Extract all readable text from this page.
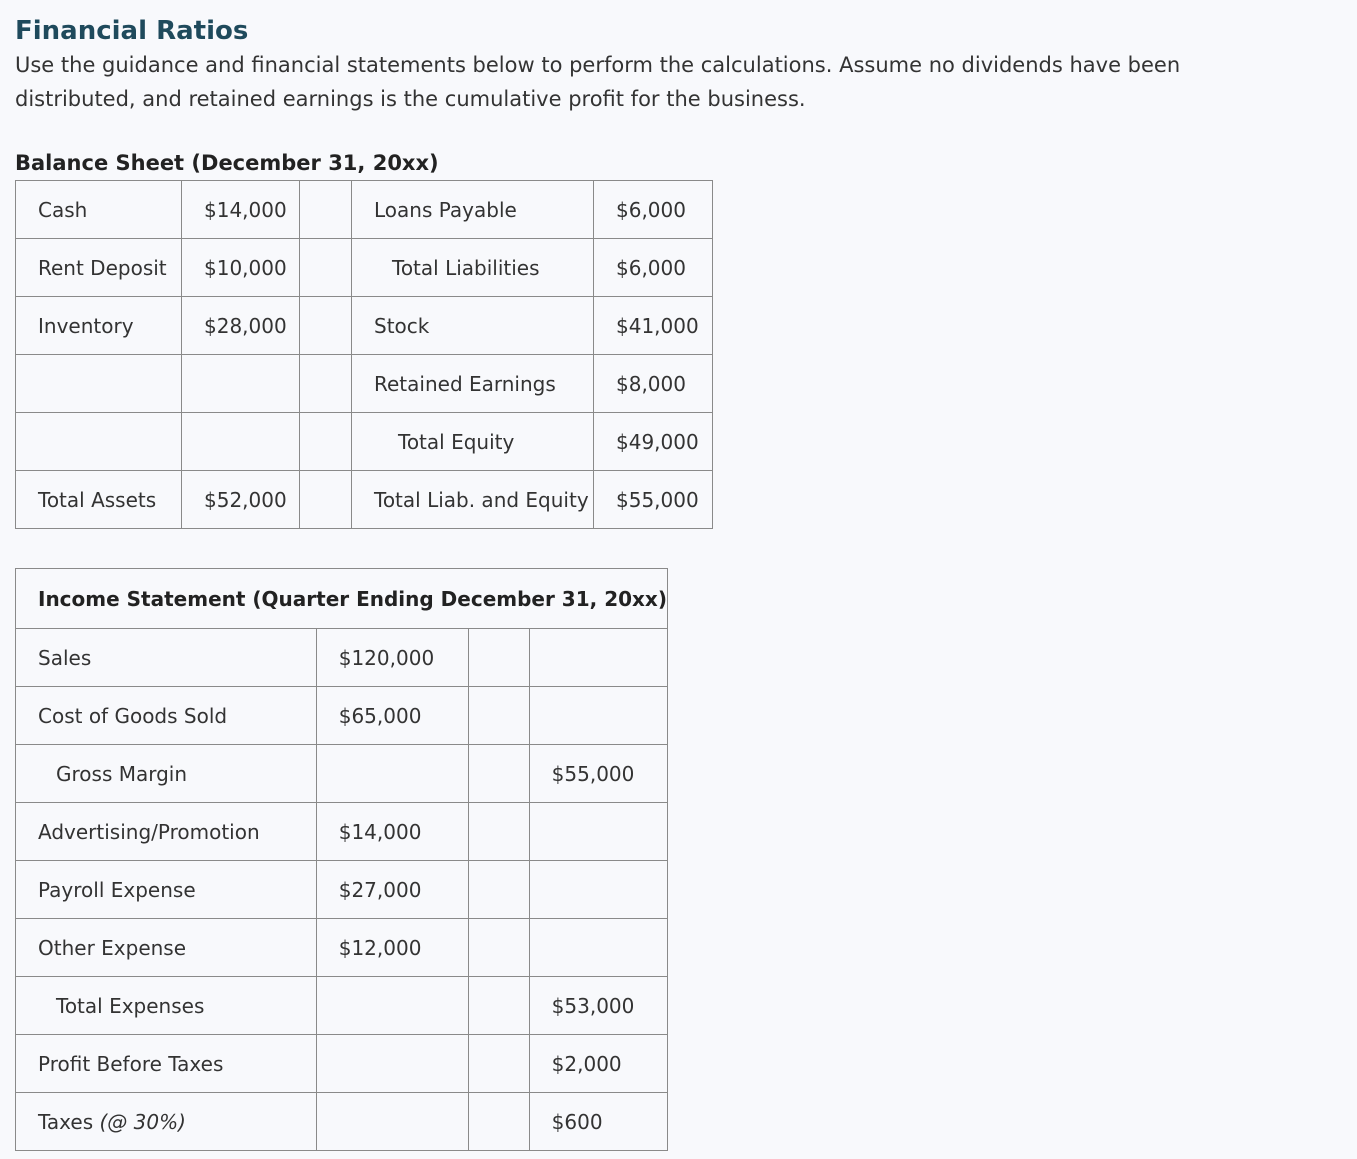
Financial Ratios

Use the guidance and financial statements below to perform the calculations. Assume no dividends have been distributed, and retained earnings is the cumulative profit for the business.

Balance Sheet (December 31, 20xx)
Cash	$14,000		Loans Payable	$6,000
Rent Deposit	$10,000		Total Liabilities	$6,000
Inventory	$28,000		Stock	$41,000
			Retained Earnings	$8,000
			Total Equity	$49,000
Total Assets	$52,000		Total Liab. and Equity	$55,000
Income Statement (Quarter Ending December 31, 20xx)			
Sales	$120,000		
Cost of Goods Sold	$65,000		
Gross Margin			$55,000
Advertising/Promotion	$14,000		
Payroll Expense	$27,000		
Other Expense	$12,000		
Total Expenses			$53,000
Profit Before Taxes			$2,000
Taxes (@ 30%)			$600
